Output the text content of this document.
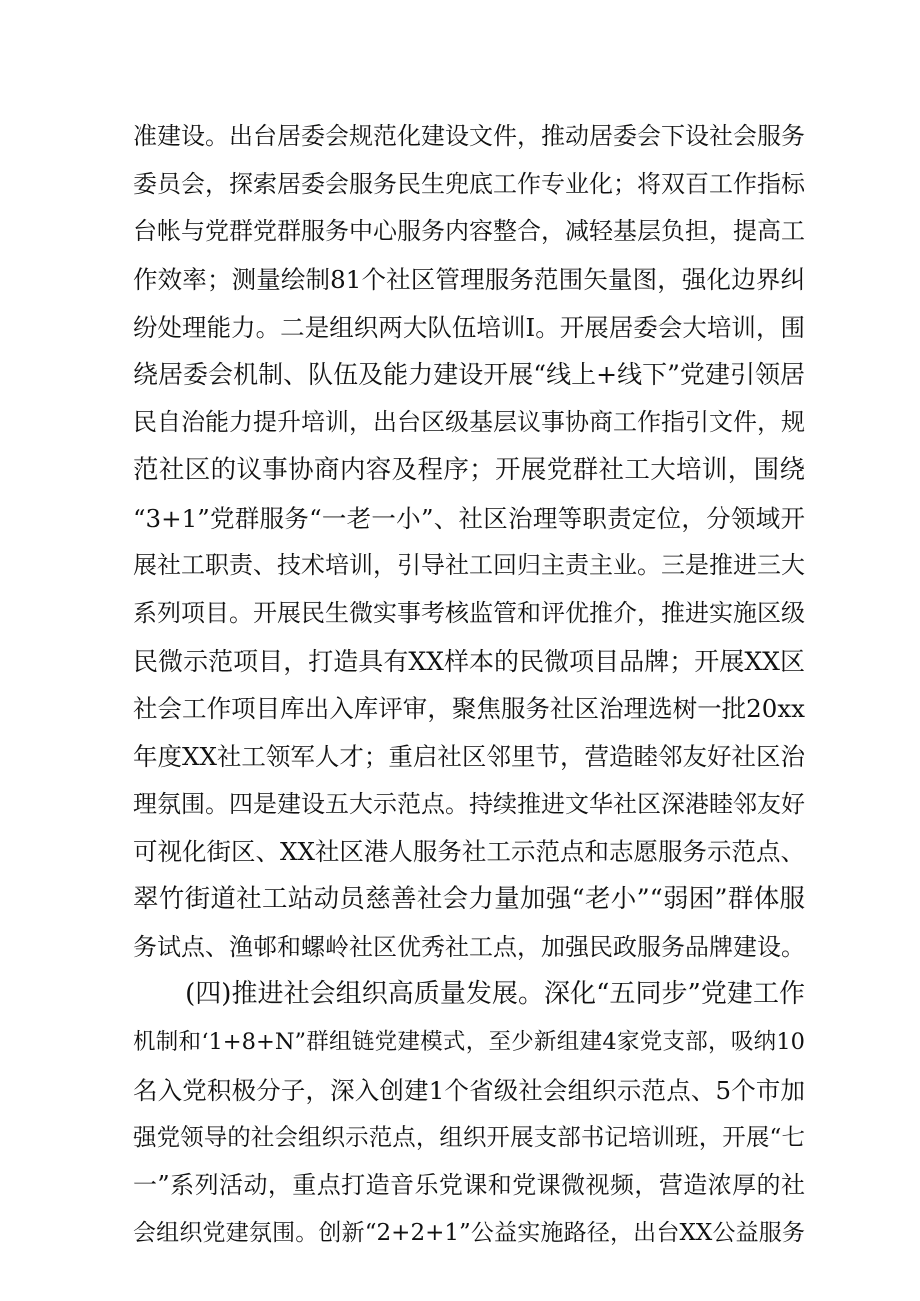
准建设。出台居委会规范化建设文件，推动居委会下设社会服务
委员会，探索居委会服务民生兜底工作专业化；将双百工作指标
台帐与党群党群服务中心服务内容整合，减轻基层负担，提高工
作效率；测量绘制81个社区管理服务范围矢量图，强化边界纠
纷处理能力。二是组织两大队伍培训I。开展居委会大培训，围
绕居委会机制、队伍及能力建设开展“线上+线下”党建引领居
民自治能力提升培训，出台区级基层议事协商工作指引文件，规
范社区的议事协商内容及程序；开展党群社工大培训，围绕
“3+1”党群服务“一老一小”、社区治理等职责定位，分领域开
展社工职责、技术培训，引导社工回归主责主业。三是推进三大
系列项目。开展民生微实事考核监管和评优推介，推进实施区级
民微示范项目，打造具有XX样本的民微项目品牌；开展XX区
社会工作项目库出入库评审，聚焦服务社区治理选树一批20xx
年度XX社工领军人才；重启社区邻里节，营造睦邻友好社区治
理氛围。四是建设五大示范点。持续推进文华社区深港睦邻友好
可视化街区、XX社区港人服务社工示范点和志愿服务示范点、
翠竹街道社工站动员慈善社会力量加强“老小”“弱困”群体服
务试点、渔邨和螺岭社区优秀社工点，加强民政服务品牌建设。
　　(四)推进社会组织高质量发展。深化“五同步”党建工作
机制和‘1+8+N”群组链党建模式，至少新组建4家党支部，吸纳10
名入党积极分子，深入创建1个省级社会组织示范点、5个市加
强党领导的社会组织示范点，组织开展支部书记培训班，开展“七
一”系列活动，重点打造音乐党课和党课微视频，营造浓厚的社
会组织党建氛围。创新“2+2+1”公益实施路径，出台XX公益服务
